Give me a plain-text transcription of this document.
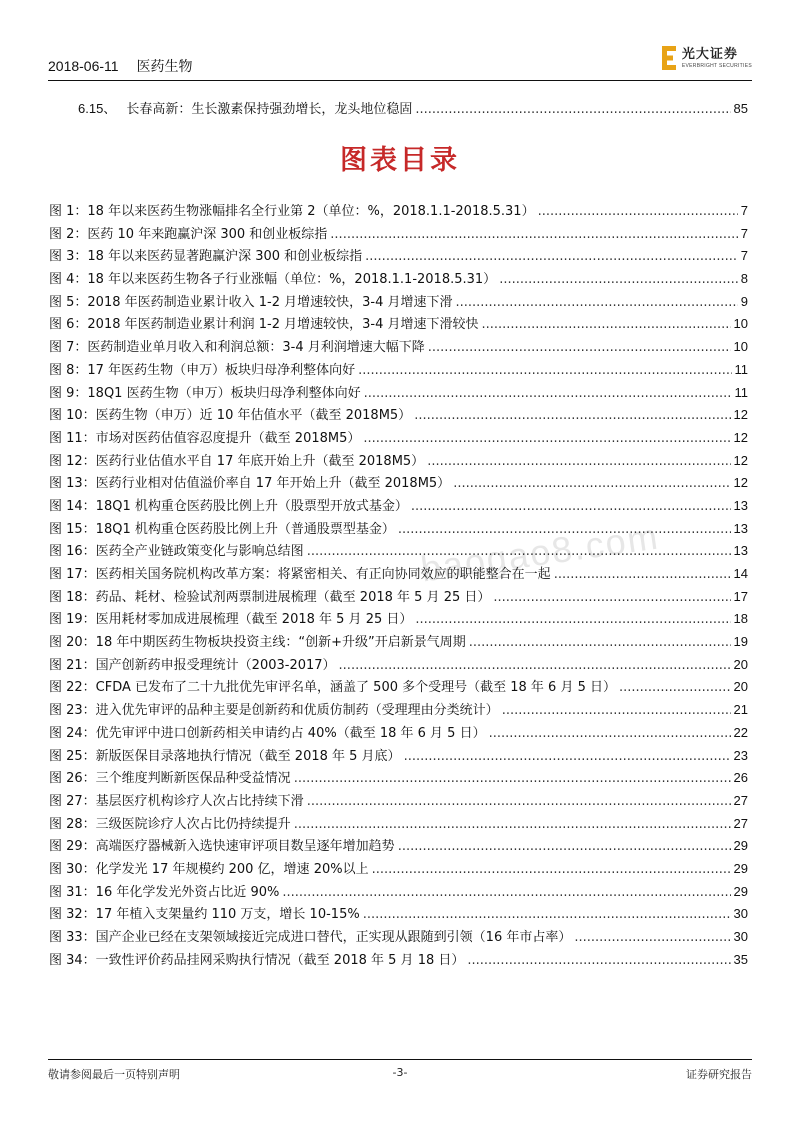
2018-06-11 医药生物
光大证券
EVERBRIGHT SECURITIES
6.15、 长春高新：生长激素保持强劲增长，龙头地位稳固 .....	85
图表目录
baogao8.com
图 1：18 年以来医药生物涨幅排名全行业第 2（单位：%，2018.1.1-2018.5.31） .....	7
图 2：医药 10 年来跑赢沪深 300 和创业板综指 .....	7
图 3：18 年以来医药显著跑赢沪深 300 和创业板综指 .....	7
图 4：18 年以来医药生物各子行业涨幅（单位：%，2018.1.1-2018.5.31） .....	8
图 5：2018 年医药制造业累计收入 1-2 月增速较快，3-4 月增速下滑 .....	9
图 6：2018 年医药制造业累计利润 1-2 月增速较快，3-4 月增速下滑较快 .....	10
图 7：医药制造业单月收入和利润总额：3-4 月利润增速大幅下降 .....	10
图 8：17 年医药生物（申万）板块归母净利整体向好 .....	11
图 9：18Q1 医药生物（申万）板块归母净利整体向好 .....	11
图 10：医药生物（申万）近 10 年估值水平（截至 2018M5） .....	12
图 11：市场对医药估值容忍度提升（截至 2018M5） .....	12
图 12：医药行业估值水平自 17 年底开始上升（截至 2018M5） .....	12
图 13：医药行业相对估值溢价率自 17 年开始上升（截至 2018M5） .....	12
图 14：18Q1 机构重仓医药股比例上升（股票型开放式基金） .....	13
图 15：18Q1 机构重仓医药股比例上升（普通股票型基金） .....	13
图 16：医药全产业链政策变化与影响总结图 .....	13
图 17：医药相关国务院机构改革方案：将紧密相关、有正向协同效应的职能整合在一起 .....	14
图 18：药品、耗材、检验试剂两票制进展梳理（截至 2018 年 5 月 25 日） .....	17
图 19：医用耗材零加成进展梳理（截至 2018 年 5 月 25 日） .....	18
图 20：18 年中期医药生物板块投资主线：“创新+升级”开启新景气周期 .....	19
图 21：国产创新药申报受理统计（2003-2017） .....	20
图 22：CFDA 已发布了二十九批优先审评名单，涵盖了 500 多个受理号（截至 18 年 6 月 5 日） .....	20
图 23：进入优先审评的品种主要是创新药和优质仿制药（受理理由分类统计） .....	21
图 24：优先审评中进口创新药相关申请约占 40%（截至 18 年 6 月 5 日） .....	22
图 25：新版医保目录落地执行情况（截至 2018 年 5 月底） .....	23
图 26：三个维度判断新医保品种受益情况 .....	26
图 27：基层医疗机构诊疗人次占比持续下滑 .....	27
图 28：三级医院诊疗人次占比仍持续提升 .....	27
图 29：高端医疗器械新入选快速审评项目数呈逐年增加趋势 .....	29
图 30：化学发光 17 年规模约 200 亿，增速 20%以上 .....	29
图 31：16 年化学发光外资占比近 90% .....	29
图 32：17 年植入支架量约 110 万支，增长 10-15% .....	30
图 33：国产企业已经在支架领域接近完成进口替代，正实现从跟随到引领（16 年市占率） .....	30
图 34：一致性评价药品挂网采购执行情况（截至 2018 年 5 月 18 日） .....	35
敬请参阅最后一页特别声明	-3-	证券研究报告
